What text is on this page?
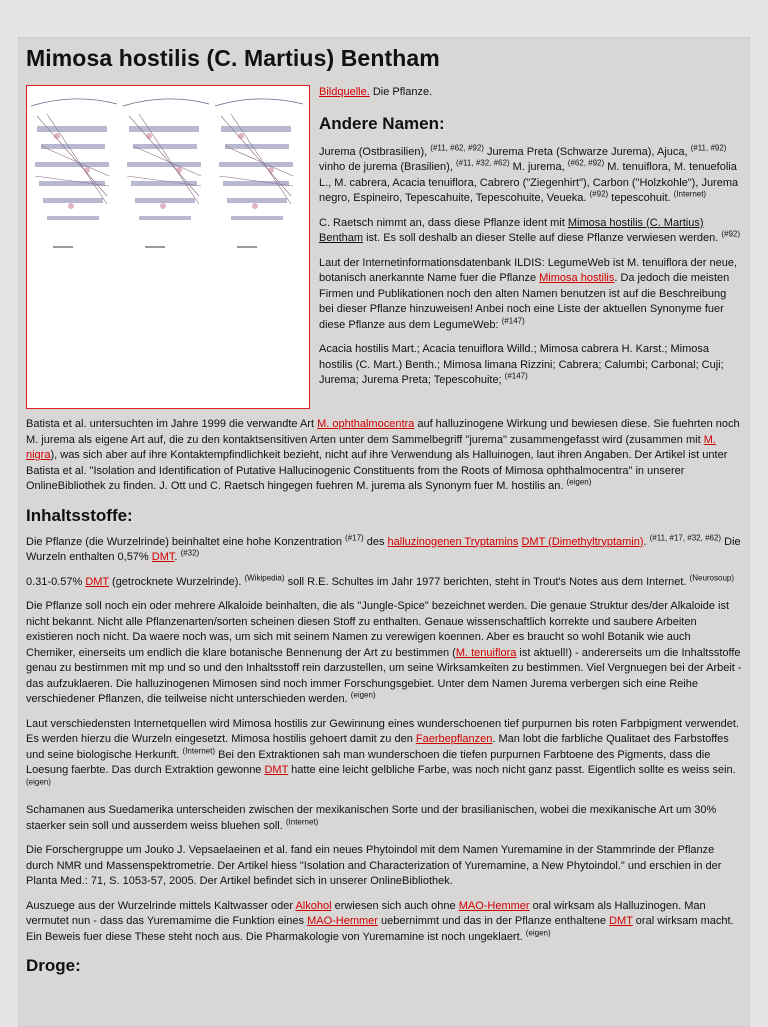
Mimosa hostilis (C. Martius) Bentham

Bildquelle. Die Pflanze.

Andere Namen:

Jurema (Ostbrasilien), $^{(\#11, \#62, \#92)}$ Jurema Preta (Schwarze Jurema), Ajuca, $^{(\#11, \#92)}$ vinho de jurema (Brasilien), $^{(\#11, \#32, \#62)}$ M. jurema, $^{(\#62, \#92)}$ M. tenuiflora, M. tenuefolia L., M. cabrera, Acacia tenuiflora, Cabrero ("Ziegenhirt"), Carbon ("Holzkohle"), Jurema negro, Espineiro, Tepescahuite, Tepescohuite, Veueka. $^{(\#92)}$ tepescohuit. $^{(Internet)}$

C. Raetsch nimmt an, dass diese Pflanze ident mit Mimosa hostilis (C. Martius) Bentham ist. Es soll deshalb an dieser Stelle auf diese Pflanze verwiesen werden. $^{(\#92)}$

Laut der Internetinformationsdatenbank ILDIS: LegumeWeb ist M. tenuiflora der neue, botanisch anerkannte Name fuer die Pflanze Mimosa hostilis. Da jedoch die meisten Firmen und Publikationen noch den alten Namen benutzen ist auf die Beschreibung bei dieser Pflanze hinzuweisen! Anbei noch eine Liste der aktuellen Synonyme fuer diese Pflanze aus dem LegumeWeb: $^{(\#147)}$

Acacia hostilis Mart.; Acacia tenuiflora Willd.; Mimosa cabrera H. Karst.; Mimosa hostilis (C. Mart.) Benth.; Mimosa limana Rizzini; Cabrera; Calumbi; Carbonal; Cuji; Jurema; Jurema Preta; Tepescohuite; $^{(\#147)}$

Batista et al. untersuchten im Jahre 1999 die verwandte Art M. ophthalmocentra auf halluzinogene Wirkung und bewiesen diese. Sie fuehrten noch M. jurema als eigene Art auf, die zu den kontaktsensitiven Arten unter dem Sammelbegriff "jurema" zusammengefasst wird (zusammen mit M. nigra), was sich aber auf ihre Kontaktempfindlichkeit bezieht, nicht auf ihre Verwendung als Halluinogen, laut ihren Angaben. Der Artikel ist unter Batista et al. "Isolation and Identification of Putative Hallucinogenic Constituents from the Roots of Mimosa ophthalmocentra" in unserer OnlineBibliothek zu finden. J. Ott und C. Raetsch hingegen fuehren M. jurema als Synonym fuer M. hostilis an. $^{(eigen)}$

Inhaltsstoffe:

Die Pflanze (die Wurzelrinde) beinhaltet eine hohe Konzentration $^{(\#17)}$ des halluzinogenen Tryptamins DMT (Dimethyltryptamin). $^{(\#11, \#17, \#32, \#62)}$ Die Wurzeln enthalten 0,57% DMT. $^{(\#32)}$

0.31-0.57% DMT (getrocknete Wurzelrinde). $^{(Wikipedia)}$ soll R.E. Schultes im Jahr 1977 berichten, steht in Trout's Notes aus dem Internet. $^{(Neurosoup)}$

Die Pflanze soll noch ein oder mehrere Alkaloide beinhalten, die als "Jungle-Spice" bezeichnet werden. Die genaue Struktur des/der Alkaloide ist nicht bekannt. Nicht alle Pflanzenarten/sorten scheinen diesen Stoff zu enthalten. Genaue wissenschaftlich korrekte und saubere Arbeiten existieren noch nicht. Da waere noch was, um sich mit seinem Namen zu verewigen koennen. Aber es braucht so wohl Botanik wie auch Chemiker, einerseits um endlich die klare botanische Bennenung der Art zu bestimmen (M. tenuiflora ist aktuell!) - andererseits um die Inhaltsstoffe genau zu bestimmen mit mp und so und den Inhaltsstoff rein darzustellen, um seine Wirksamkeiten zu bestimmen. Viel Vergnuegen bei der Arbeit - das aufzuklaeren. Die halluzinogenen Mimosen sind noch immer Forschungsgebiet. Unter dem Namen Jurema verbergen sich eine Reihe verschiedener Pflanzen, die teilweise nicht unterschieden werden. $^{(eigen)}$

Laut verschiedensten Internetquellen wird Mimosa hostilis zur Gewinnung eines wunderschoenen tief purpurnen bis roten Farbpigment verwendet. Es werden hierzu die Wurzeln eingesetzt. Mimosa hostilis gehoert damit zu den Faerbepflanzen. Man lobt die farbliche Qualitaet des Farbstoffes und seine biologische Herkunft. $^{(Internet)}$ Bei den Extraktionen sah man wunderschoen die tiefen purpurnen Farbtoene des Pigments, dass die Loesung faerbte. Das durch Extraktion gewonne DMT hatte eine leicht gelbliche Farbe, was noch nicht ganz passt. Eigentlich sollte es weiss sein. $^{(eigen)}$

Schamanen aus Suedamerika unterscheiden zwischen der mexikanischen Sorte und der brasilianischen, wobei die mexikanische Art um 30% staerker sein soll und ausserdem weiss bluehen soll. $^{(Internet)}$

Die Forschergruppe um Jouko J. Vepsaelaeinen et al. fand ein neues Phytoindol mit dem Namen Yuremamine in der Stammrinde der Pflanze durch NMR und Massenspektrometrie. Der Artikel hiess "Isolation and Characterization of Yuremamine, a New Phytoindol." und erschien in der Planta Med.: 71, S. 1053-57, 2005. Der Artikel befindet sich in unserer OnlineBibliothek.

Auszuege aus der Wurzelrinde mittels Kaltwasser oder Alkohol erwiesen sich auch ohne MAO-Hemmer oral wirksam als Halluzinogen. Man vermutet nun - dass das Yuremamime die Funktion eines MAO-Hemmer uebernimmt und das in der Pflanze enthaltene DMT oral wirksam macht. Ein Beweis fuer diese These steht noch aus. Die Pharmakologie von Yuremamine ist noch ungeklaert. $^{(eigen)}$

Droge:
